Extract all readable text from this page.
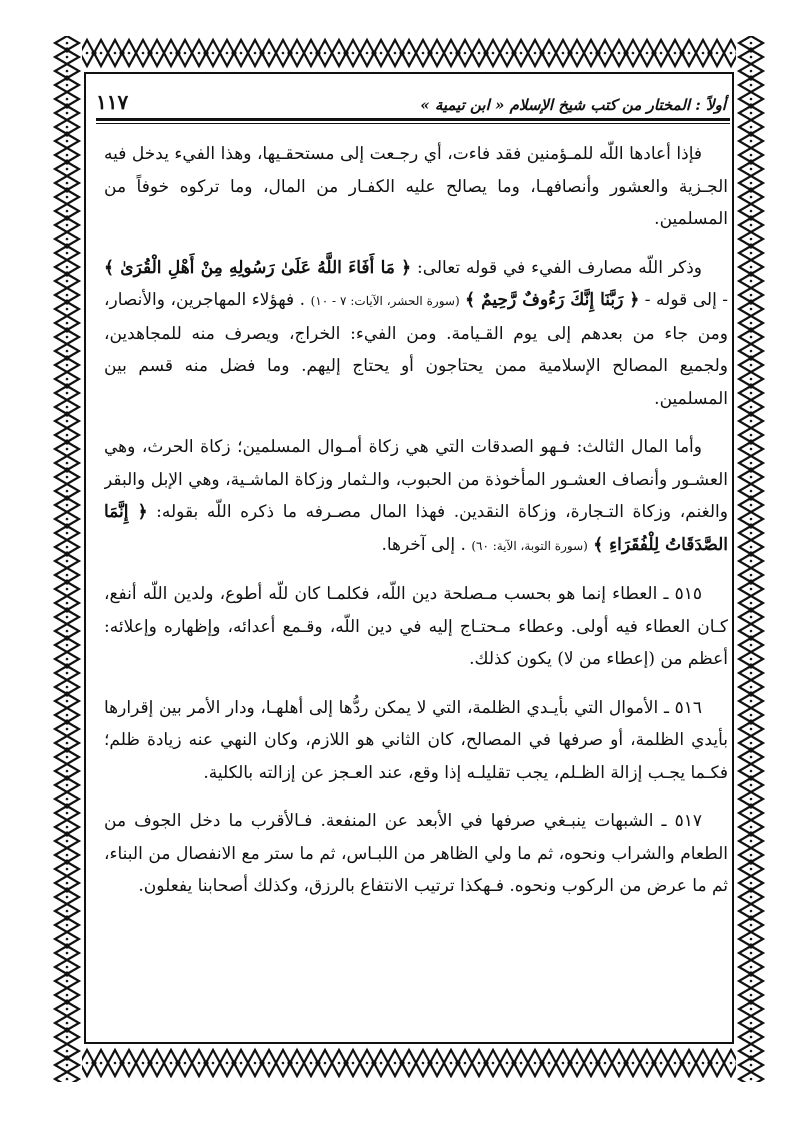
أولاً : المختار من كتب شيخ الإسلام « ابن تيمية »
١١٧

فإذا أعادها اللّه للمـؤمنين فقد فاءت، أي رجـعت إلى مستحقـيها، وهذا الفيء يدخل فيه الجـزية والعشور وأنصافهـا، وما يصالح عليه الكفـار من المال، وما تركوه خوفاً من المسلمين.

وذكر اللّه مصارف الفيء في قوله تعالى: ﴿ مَا أَفَاءَ اللَّهُ عَلَىٰ رَسُولِهِ مِنْ أَهْلِ الْقُرَىٰ ﴾ - إلى قوله - ﴿ رَبَّنَا إِنَّكَ رَءُوفٌ رَّحِيمٌ ﴾ (سورة الحشر، الآيات: ٧ - ١٠) . فهؤلاء المهاجرين، والأنصار، ومن جاء من بعدهم إلى يوم القـيامة. ومن الفيء: الخراج، ويصرف منه للمجاهدين، ولجميع المصالح الإسلامية ممن يحتاجون أو يحتاج إليهم. وما فضل منه قسم بين المسلمين.

وأما المال الثالث: فـهو الصدقات التي هي زكاة أمـوال المسلمين؛ زكاة الحرث، وهي العشـور وأنصاف العشـور المأخوذة من الحبوب، والـثمار وزكاة الماشـية، وهي الإبل والبقر والغنم، وزكاة التـجارة، وزكاة النقدين. فهذا المال مصـرفه ما ذكره اللّه بقوله: ﴿ إِنَّمَا الصَّدَقَاتُ لِلْفُقَرَاءِ ﴾ (سورة التوبة، الآية: ٦٠) . إلى آخرها.

٥١٥ ـ العطاء إنما هو بحسب مـصلحة دين اللّه، فكلمـا كان للّه أطوع، ولدين اللّه أنفع، كـان العطاء فيه أولى. وعطاء مـحتـاج إليه في دين اللّه، وقـمع أعدائه، وإظهاره وإعلائه: أعظم من (إعطاء من لا) يكون كذلك.

٥١٦ ـ الأموال التي بأيـدي الظلمة، التي لا يمكن ردُّها إلى أهلهـا، ودار الأمر بين إقرارها بأيدي الظلمة، أو صرفها في المصالح، كان الثاني هو اللازم، وكان النهي عنه زيادة ظلم؛ فكـما يجـب إزالة الظـلم، يجب تقليلـه إذا وقع، عند العـجز عن إزالته بالكلية.

٥١٧ ـ الشبهات ينبـغي صرفها في الأبعد عن المنفعة. فـالأقرب ما دخل الجوف من الطعام والشراب ونحوه، ثم ما ولي الظاهر من اللبـاس، ثم ما ستر مع الانفصال من البناء، ثم ما عرض من الركوب ونحوه. فـهكذا ترتيب الانتفاع بالرزق، وكذلك أصحابنا يفعلون.
